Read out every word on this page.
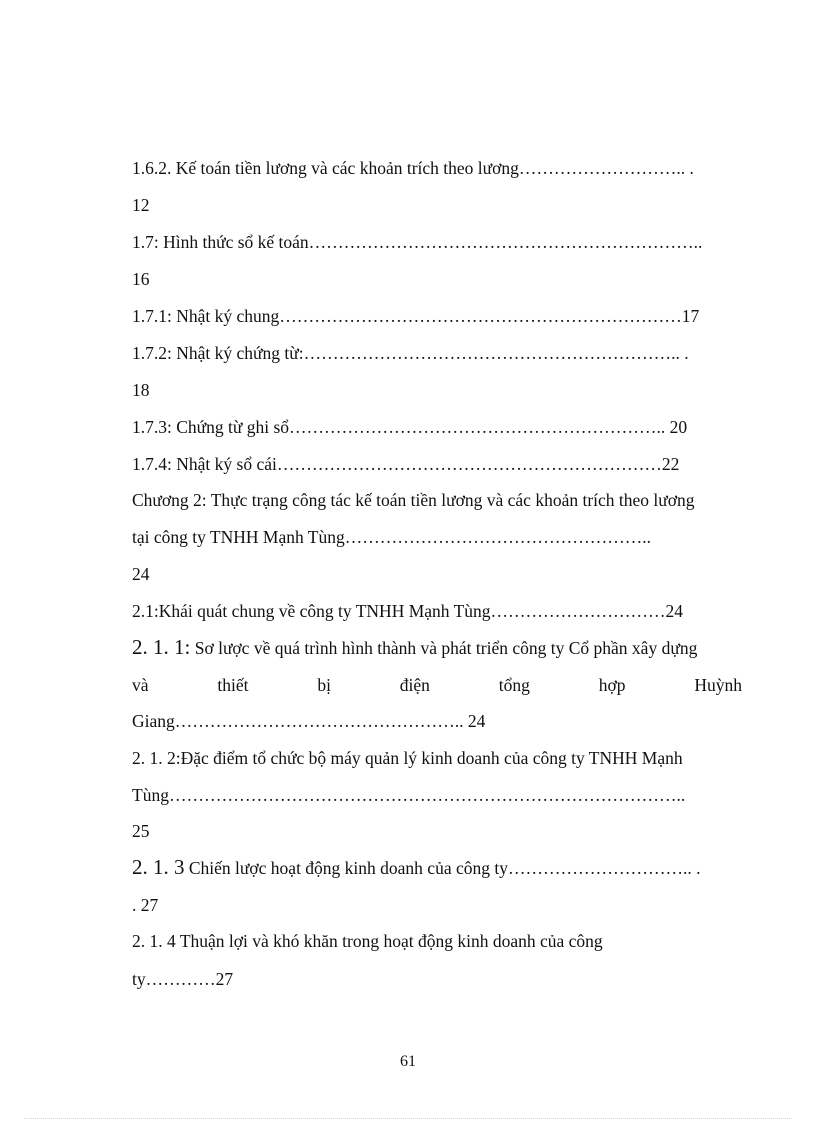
1.6.2. Kế toán tiền lương và các khoản trích theo lương……………………….. .
12
1.7: Hình thức sổ kế toán…………………………………………………………..
16
1.7.1: Nhật ký chung……………………………………………………………17
1.7.2: Nhật ký chứng từ:……………………………………………………….. .
18
1.7.3: Chứng từ ghi sổ……………………………………………………….. 20
1.7.4: Nhật ký sổ cái…………………………………………………………22
Chương 2: Thực trạng công tác kế toán tiền lương và các khoản trích theo lương
tại công ty TNHH Mạnh Tùng……………………………………………..
24
2.1:Khái quát chung về công ty TNHH Mạnh Tùng…………………………24
2. 1. 1: Sơ lược về quá trình hình thành và phát triển công ty Cổ phần xây dựng
và	thiết	bị	điện	tổng	hợp	Huỳnh
Giang………………………………………….. 24
2. 1. 2:Đặc điểm tổ chức bộ máy quản lý kinh doanh của công ty TNHH Mạnh
Tùng……………………………………………………………………………..
25
2. 1. 3 Chiến lược hoạt động kinh doanh của công ty………………………….. .
. 27
2. 1. 4 Thuận lợi và khó khăn trong hoạt động kinh doanh của công
ty…………27
61
